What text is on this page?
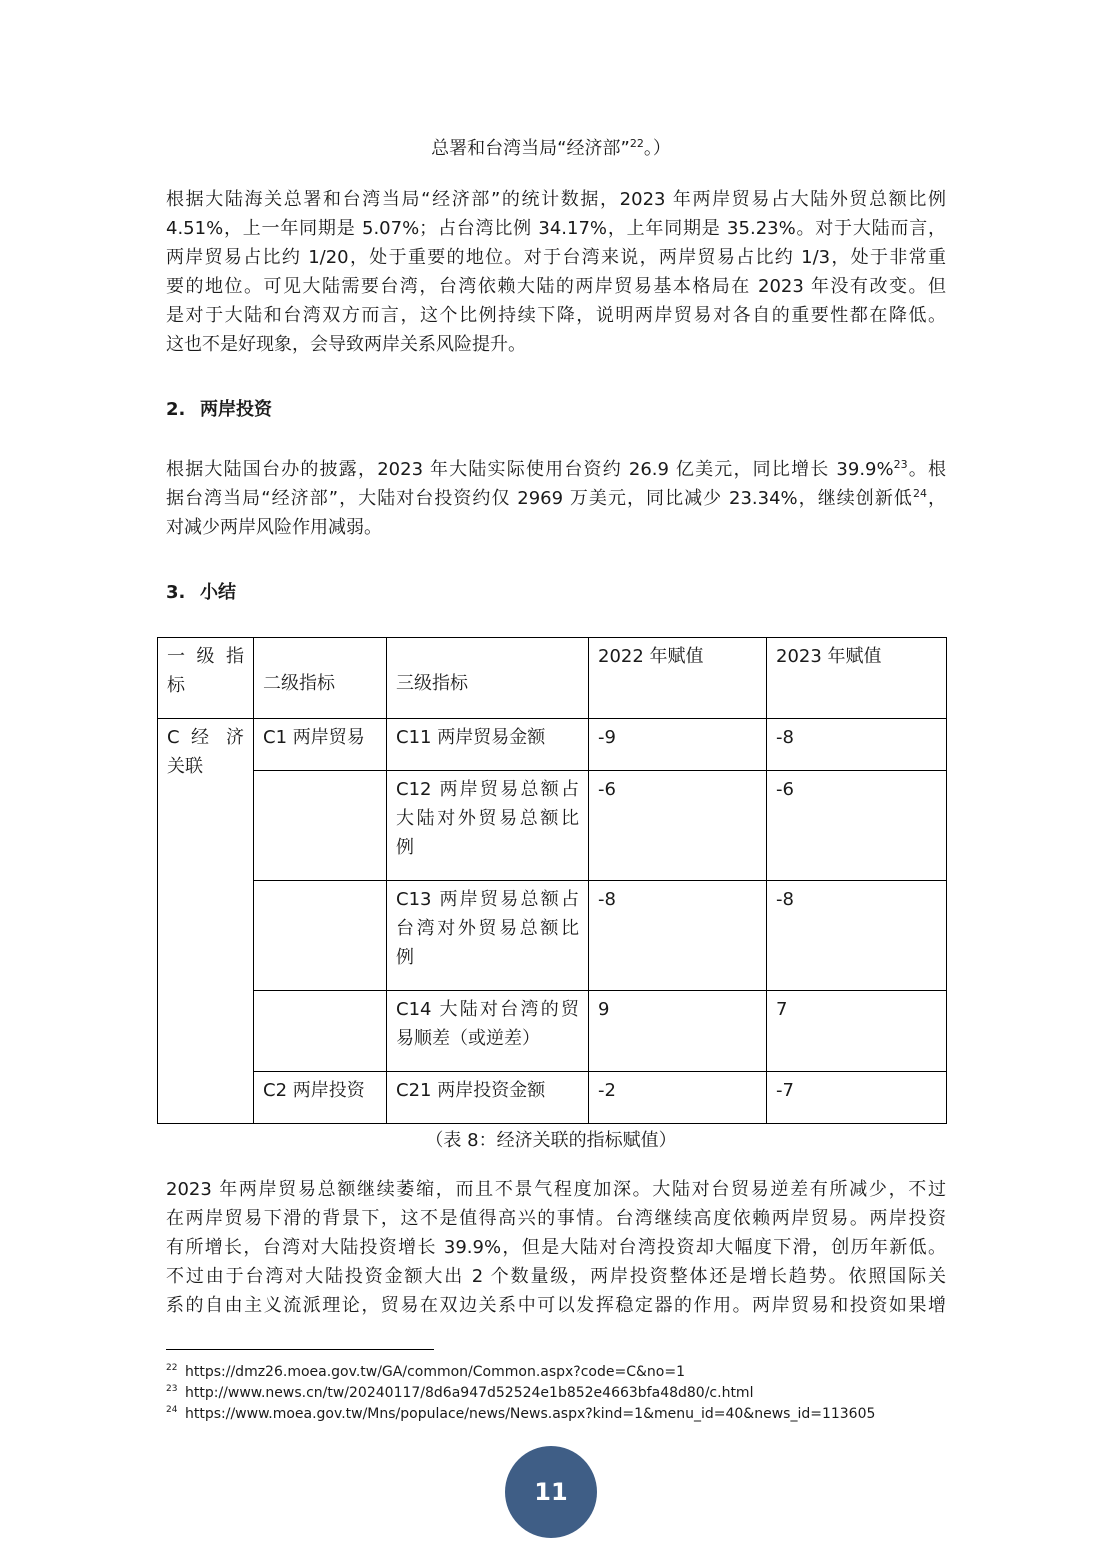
总署和台湾当局“经济部”$^{22}$。）
根据大陆海关总署和台湾当局“经济部”的统计数据，2023 年两岸贸易占大陆外贸总额比例
4.51%，上一年同期是 5.07%；占台湾比例 34.17%，上年同期是 35.23%。对于大陆而言，
两岸贸易占比约 1/20，处于重要的地位。对于台湾来说，两岸贸易占比约 1/3，处于非常重
要的地位。可见大陆需要台湾，台湾依赖大陆的两岸贸易基本格局在 2023 年没有改变。但
是对于大陆和台湾双方而言，这个比例持续下降，说明两岸贸易对各自的重要性都在降低。
这也不是好现象，会导致两岸关系风险提升。
2. 两岸投资
根据大陆国台办的披露，2023 年大陆实际使用台资约 26.9 亿美元，同比增长 39.9%$^{23}$。根
据台湾当局“经济部”，大陆对台投资约仅 2969 万美元，同比减少 23.34%，继续创新低$^{24}$，
对减少两岸风险作用减弱。
3. 小结
一 级 指
标	二级指标	三级指标	2022 年赋值	2023 年赋值

C 经 济
关联	C1 两岸贸易	C11 两岸贸易金额	-9	-8

		C12 两岸贸易总额占
大陆对外贸易总额比
例	-6	-6

		C13 两岸贸易总额占
台湾对外贸易总额比
例	-8	-8

		C14 大陆对台湾的贸
易顺差（或逆差）	9	7
	C2 两岸投资	C21 两岸投资金额	-2	-7
（表 8：经济关联的指标赋值）
2023 年两岸贸易总额继续萎缩，而且不景气程度加深。大陆对台贸易逆差有所减少，不过
在两岸贸易下滑的背景下，这不是值得高兴的事情。台湾继续高度依赖两岸贸易。两岸投资
有所增长，台湾对大陆投资增长 39.9%，但是大陆对台湾投资却大幅度下滑，创历年新低。
不过由于台湾对大陆投资金额大出 2 个数量级，两岸投资整体还是增长趋势。依照国际关
系的自由主义流派理论，贸易在双边关系中可以发挥稳定器的作用。两岸贸易和投资如果增
$^{22}$ https://dmz26.moea.gov.tw/GA/common/Common.aspx?code=C&no=1
$^{23}$ http://www.news.cn/tw/20240117/8d6a947d52524e1b852e4663bfa48d80/c.html
$^{24}$ https://www.moea.gov.tw/Mns/populace/news/News.aspx?kind=1&menu_id=40&news_id=113605
11
